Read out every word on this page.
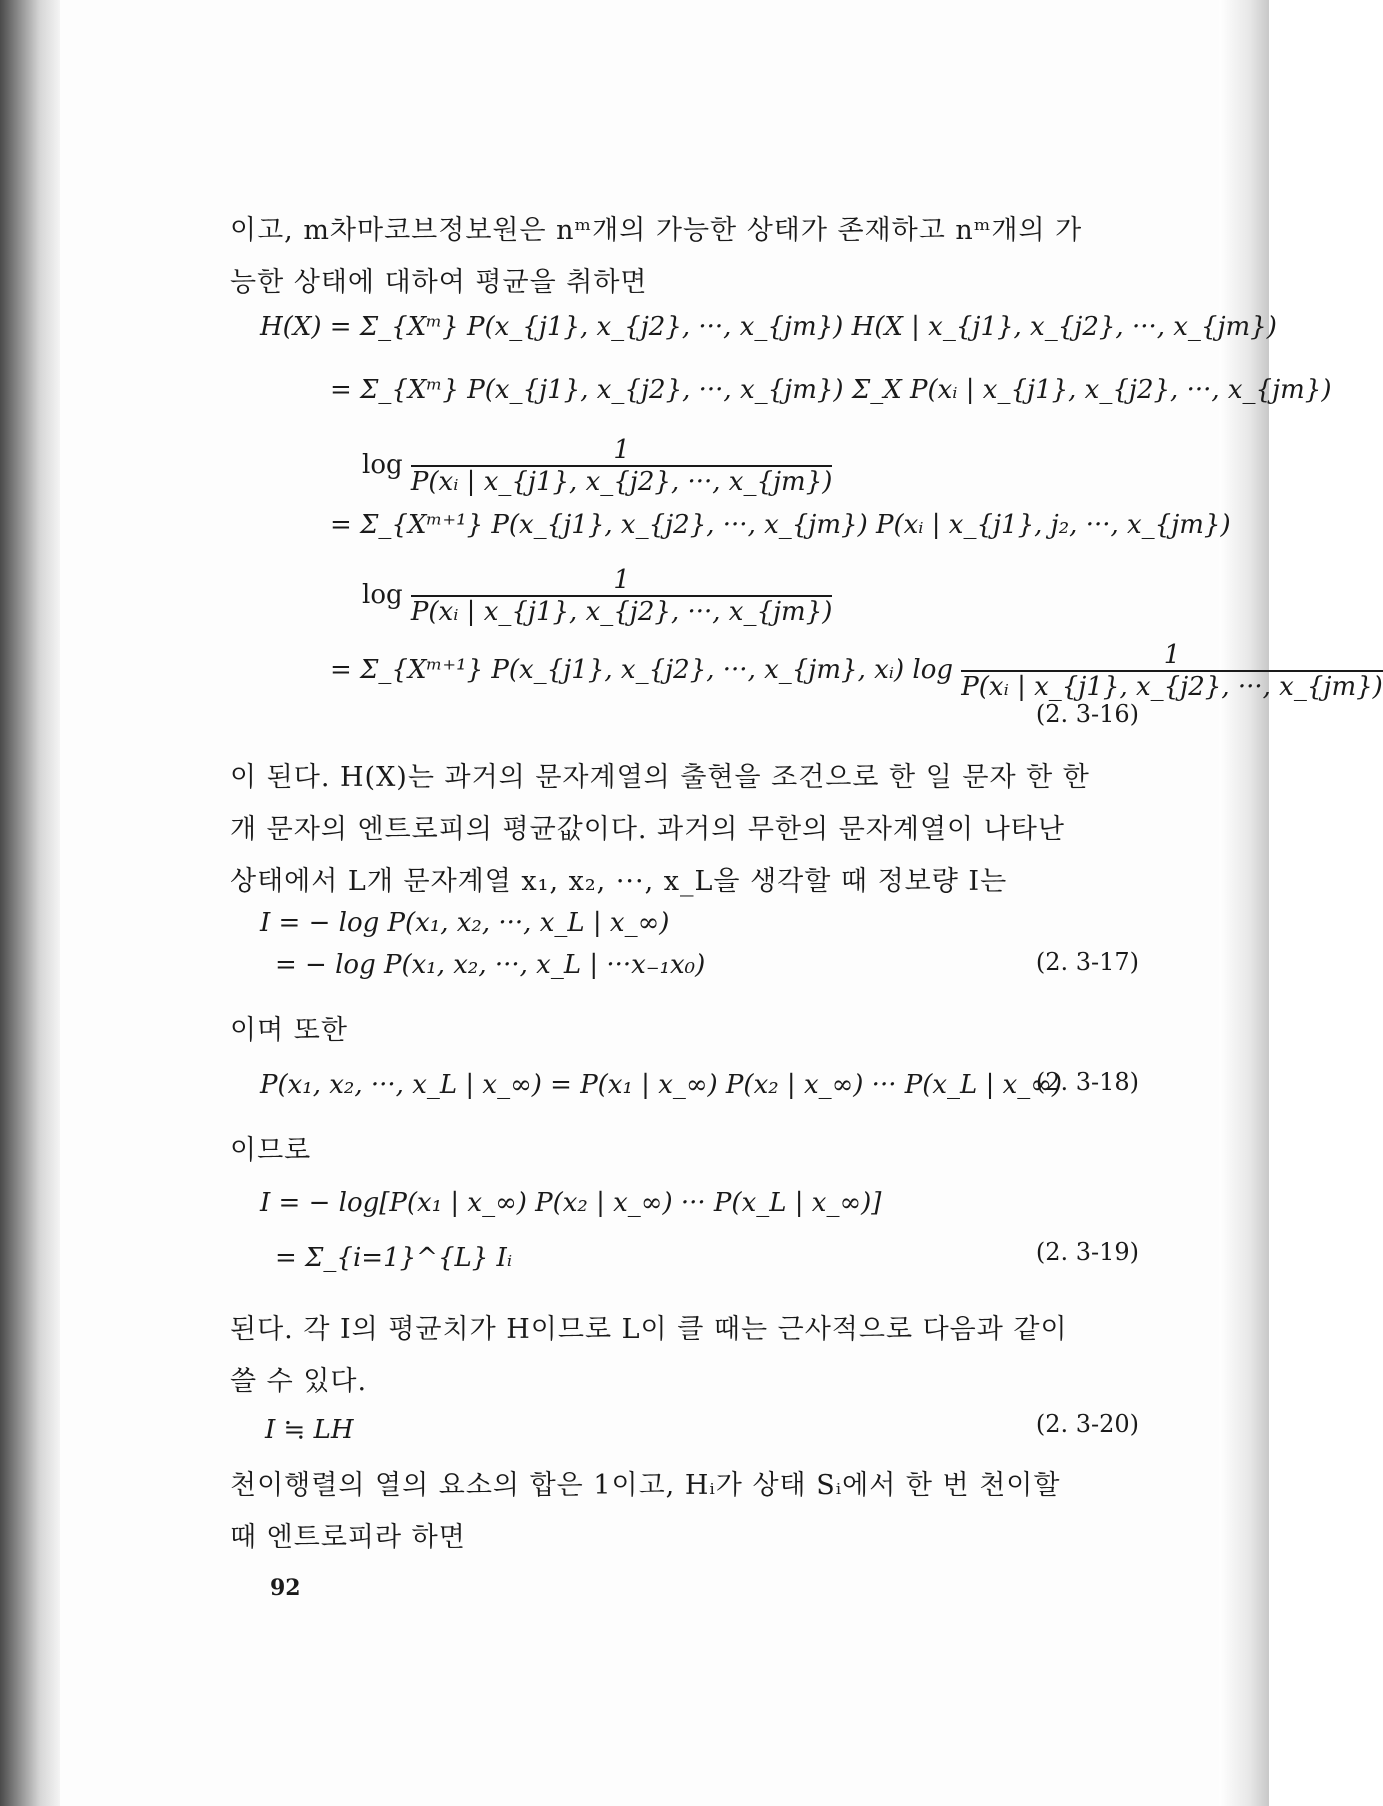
이고, m차마코브정보원은 nᵐ개의 가능한 상태가 존재하고 nᵐ개의 가능한 상태에 대하여 평균을 취하면
H(X) = Σ_{Xᵐ} P(x_{j1}, x_{j2}, ···, x_{jm}) H(X | x_{j1}, x_{j2}, ···, x_{jm})
= Σ_{Xᵐ} P(x_{j1}, x_{j2}, ···, x_{jm}) Σ_X P(xᵢ | x_{j1}, x_{j2}, ···, x_{jm})
$\log \frac{1}{\text{P(xᵢ | x\_\{j1\}, x\_\{j2\}, ···, x\_\{jm\})}}$
= Σ_{Xᵐ⁺¹} P(x_{j1}, x_{j2}, ···, x_{jm}) P(xᵢ | x_{j1}, j₂, ···, x_{jm})
$\log \frac{1}{\text{P(xᵢ | x\_\{j1\}, x\_\{j2\}, ···, x\_\{jm\})}}$
= Σ_{Xᵐ⁺¹} P(x_{j1}, x_{j2}, ···, x_{jm}, xᵢ) $\log \frac{1}{\text{P(xᵢ | x\_\{j1\}, x\_\{j2\}, ···, x\_\{jm\})}}$
(2. 3-16)
이 된다. H(X)는 과거의 문자계열의 출현을 조건으로 한 일 문자 한 한개 문자의 엔트로피의 평균값이다. 과거의 무한의 문자계열이 나타난 상태에서 L개 문자계열 x₁, x₂, ···, x_L을 생각할 때 정보량 I는
I = − log P(x₁, x₂, ···, x_L | x_∞)
= − log P(x₁, x₂, ···, x_L | ···x₋₁x₀)	(2. 3-17)
이며 또한
P(x₁, x₂, ···, x_L | x_∞) = P(x₁ | x_∞) P(x₂ | x_∞) ··· P(x_L | x_∞)
(2. 3-18)
이므로
I = − log[P(x₁ | x_∞) P(x₂ | x_∞) ··· P(x_L | x_∞)]
= Σ_{i=1}^{L} Iᵢ	(2. 3-19)
된다. 각 I의 평균치가 H이므로 L이 클 때는 근사적으로 다음과 같이 쓸 수 있다.
I ≒ LH	(2. 3-20)
천이행렬의 열의 요소의 합은 1이고, Hᵢ가 상태 Sᵢ에서 한 번 천이할 때 엔트로피라 하면
92
